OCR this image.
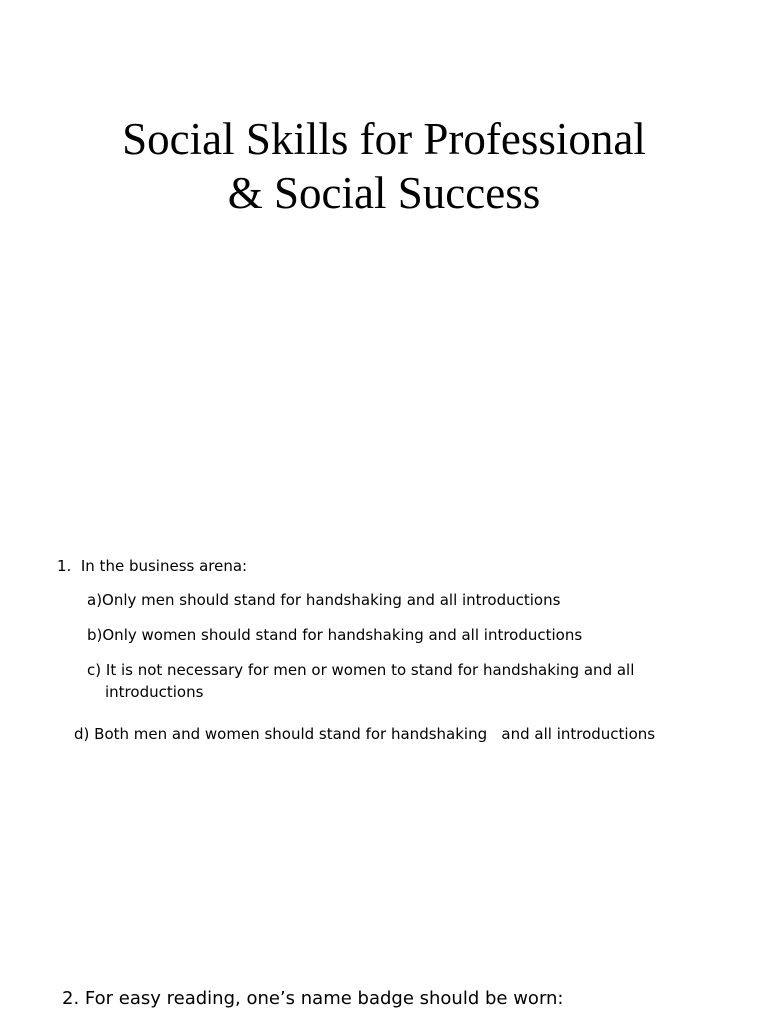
Social Skills for Professional
& Social Success
1. In the business arena:
a)Only men should stand for handshaking and all introductions
b)Only women should stand for handshaking and all introductions
c) It is not necessary for men or women to stand for handshaking and all
introductions
d) Both men and women should stand for handshaking   and all introductions
2. For easy reading, one’s name badge should be worn:
